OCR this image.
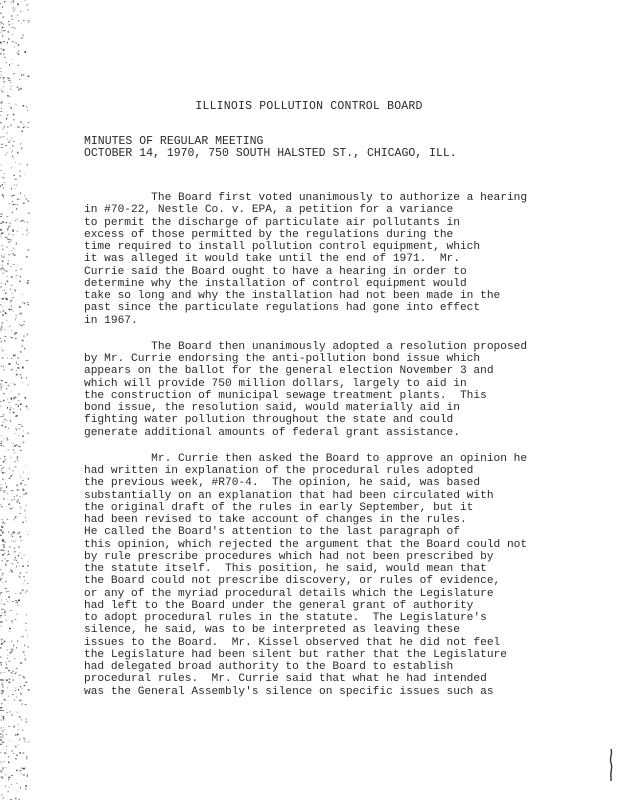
ILLINOIS POLLUTION CONTROL BOARD
MINUTES OF REGULAR MEETING
OCTOBER 14, 1970, 750 SOUTH HALSTED ST., CHICAGO, ILL.
The Board first voted unanimously to authorize a hearing
in #70-22, Nestle Co. v. EPA, a petition for a variance
to permit the discharge of particulate air pollutants in
excess of those permitted by the regulations during the
time required to install pollution control equipment, which
it was alleged it would take until the end of 1971.  Mr.
Currie said the Board ought to have a hearing in order to
determine why the installation of control equipment would
take so long and why the installation had not been made in the
past since the particulate regulations had gone into effect
in 1967.
The Board then unanimously adopted a resolution proposed
by Mr. Currie endorsing the anti-pollution bond issue which
appears on the ballot for the general election November 3 and
which will provide 750 million dollars, largely to aid in
the construction of municipal sewage treatment plants.  This
bond issue, the resolution said, would materially aid in
fighting water pollution throughout the state and could
generate additional amounts of federal grant assistance.
Mr. Currie then asked the Board to approve an opinion he
had written in explanation of the procedural rules adopted
the previous week, #R70-4.  The opinion, he said, was based
substantially on an explanation that had been circulated with
the original draft of the rules in early September, but it
had been revised to take account of changes in the rules.
He called the Board's attention to the last paragraph of
this opinion, which rejected the argument that the Board could not
by rule prescribe procedures which had not been prescribed by
the statute itself.  This position, he said, would mean that
the Board could not prescribe discovery, or rules of evidence,
or any of the myriad procedural details which the Legislature
had left to the Board under the general grant of authority
to adopt procedural rules in the statute.  The Legislature's
silence, he said, was to be interpreted as leaving these
issues to the Board.  Mr. Kissel observed that he did not feel
the Legislature had been silent but rather that the Legislature
had delegated broad authority to the Board to establish
procedural rules.  Mr. Currie said that what he had intended
was the General Assembly's silence on specific issues such as
